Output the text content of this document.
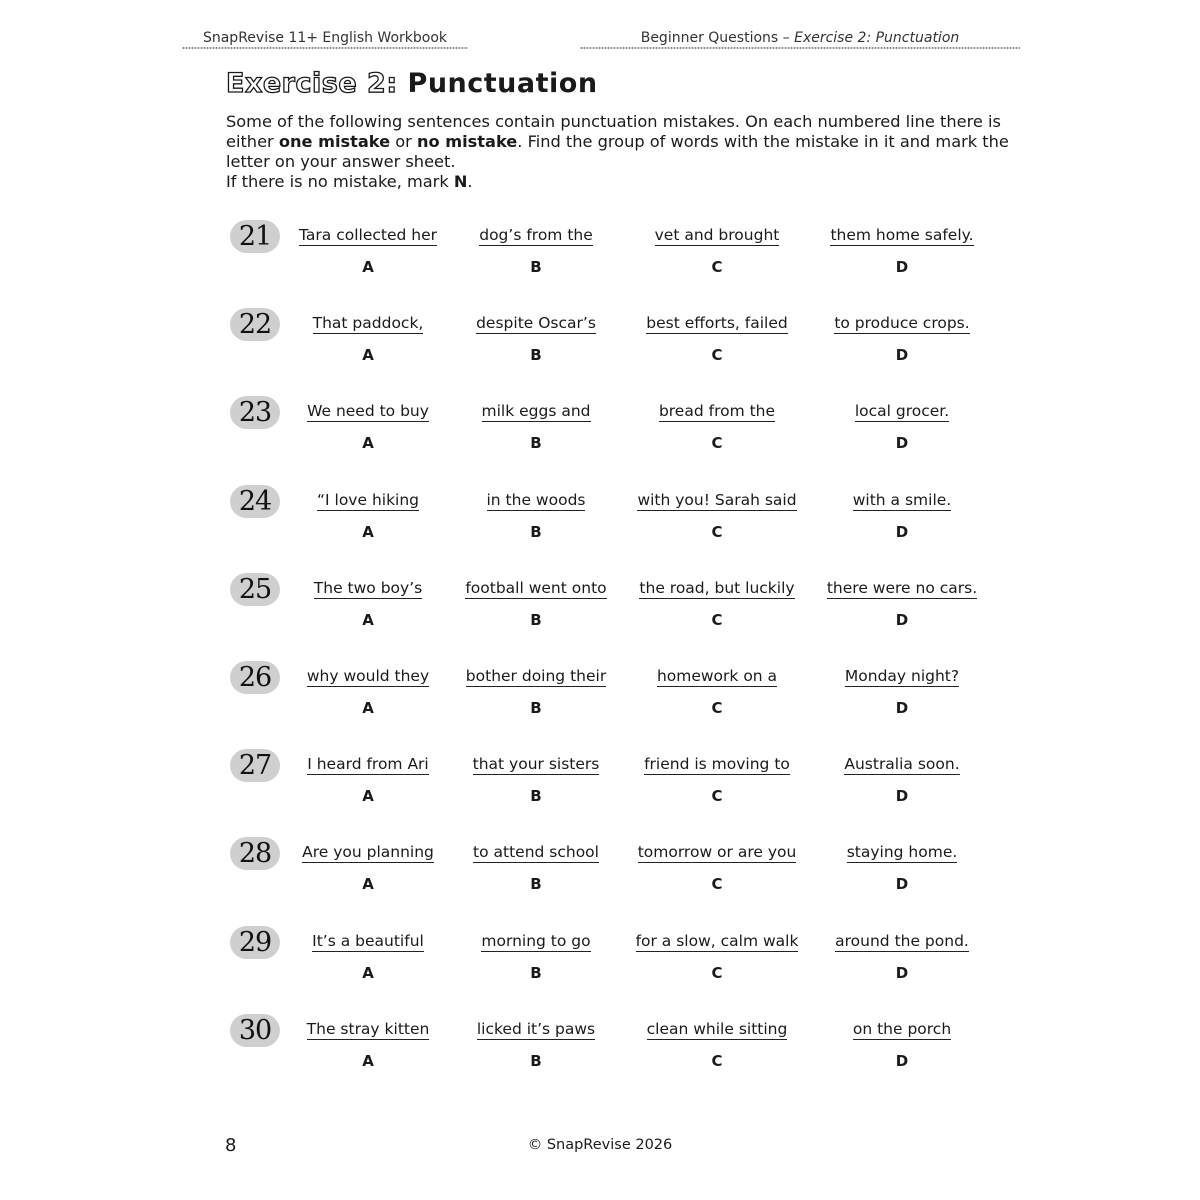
SnapRevise 11+ English Workbook	Beginner Questions – Exercise 2: Punctuation
Exercise 2: Punctuation

Some of the following sentences contain punctuation mistakes. On each numbered line there is either one mistake or no mistake. Find the group of words with the mistake in it and mark the letter on your answer sheet.

If there is no mistake, mark N.

21	Tara collected her
A
dog’s from the
B
vet and brought
C
them home safely.
D
22	That paddock,
A
despite Oscar’s
B
best efforts, failed
C
to produce crops.
D
23	We need to buy
A
milk eggs and
B
bread from the
C
local grocer.
D
24	“I love hiking
A
in the woods
B
with you! Sarah said
C
with a smile.
D
25	The two boy’s
A
football went onto
B
the road, but luckily
C
there were no cars.
D
26	why would they
A
bother doing their
B
homework on a
C
Monday night?
D
27	I heard from Ari
A
that your sisters
B
friend is moving to
C
Australia soon.
D
28	Are you planning
A
to attend school
B
tomorrow or are you
C
staying home.
D
29	It’s a beautiful
A
morning to go
B
for a slow, calm walk
C
around the pond.
D
30	The stray kitten
A
licked it’s paws
B
clean while sitting
C
on the porch
D
8	© SnapRevise 2026
